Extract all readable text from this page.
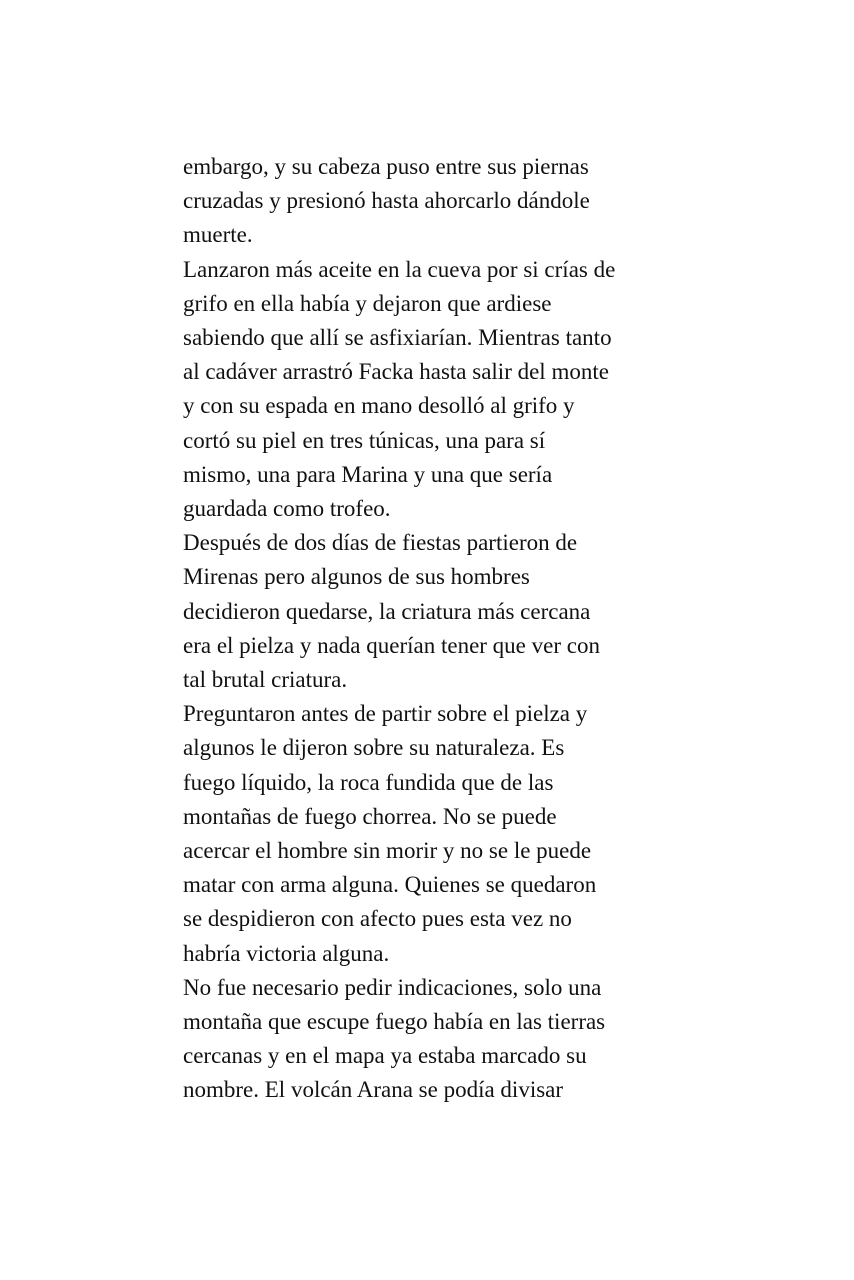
embargo, y su cabeza puso entre sus piernas
cruzadas y presionó hasta ahorcarlo dándole
muerte.
Lanzaron más aceite en la cueva por si crías de
grifo en ella había y dejaron que ardiese
sabiendo que allí se asfixiarían. Mientras tanto
al cadáver arrastró Facka hasta salir del monte
y con su espada en mano desolló al grifo y
cortó su piel en tres túnicas, una para sí
mismo, una para Marina y una que sería
guardada como trofeo.
Después de dos días de fiestas partieron de
Mirenas pero algunos de sus hombres
decidieron quedarse, la criatura más cercana
era el pielza y nada querían tener que ver con
tal brutal criatura.
Preguntaron antes de partir sobre el pielza y
algunos le dijeron sobre su naturaleza. Es
fuego líquido, la roca fundida que de las
montañas de fuego chorrea. No se puede
acercar el hombre sin morir y no se le puede
matar con arma alguna. Quienes se quedaron
se despidieron con afecto pues esta vez no
habría victoria alguna.
No fue necesario pedir indicaciones, solo una
montaña que escupe fuego había en las tierras
cercanas y en el mapa ya estaba marcado su
nombre. El volcán Arana se podía divisar
